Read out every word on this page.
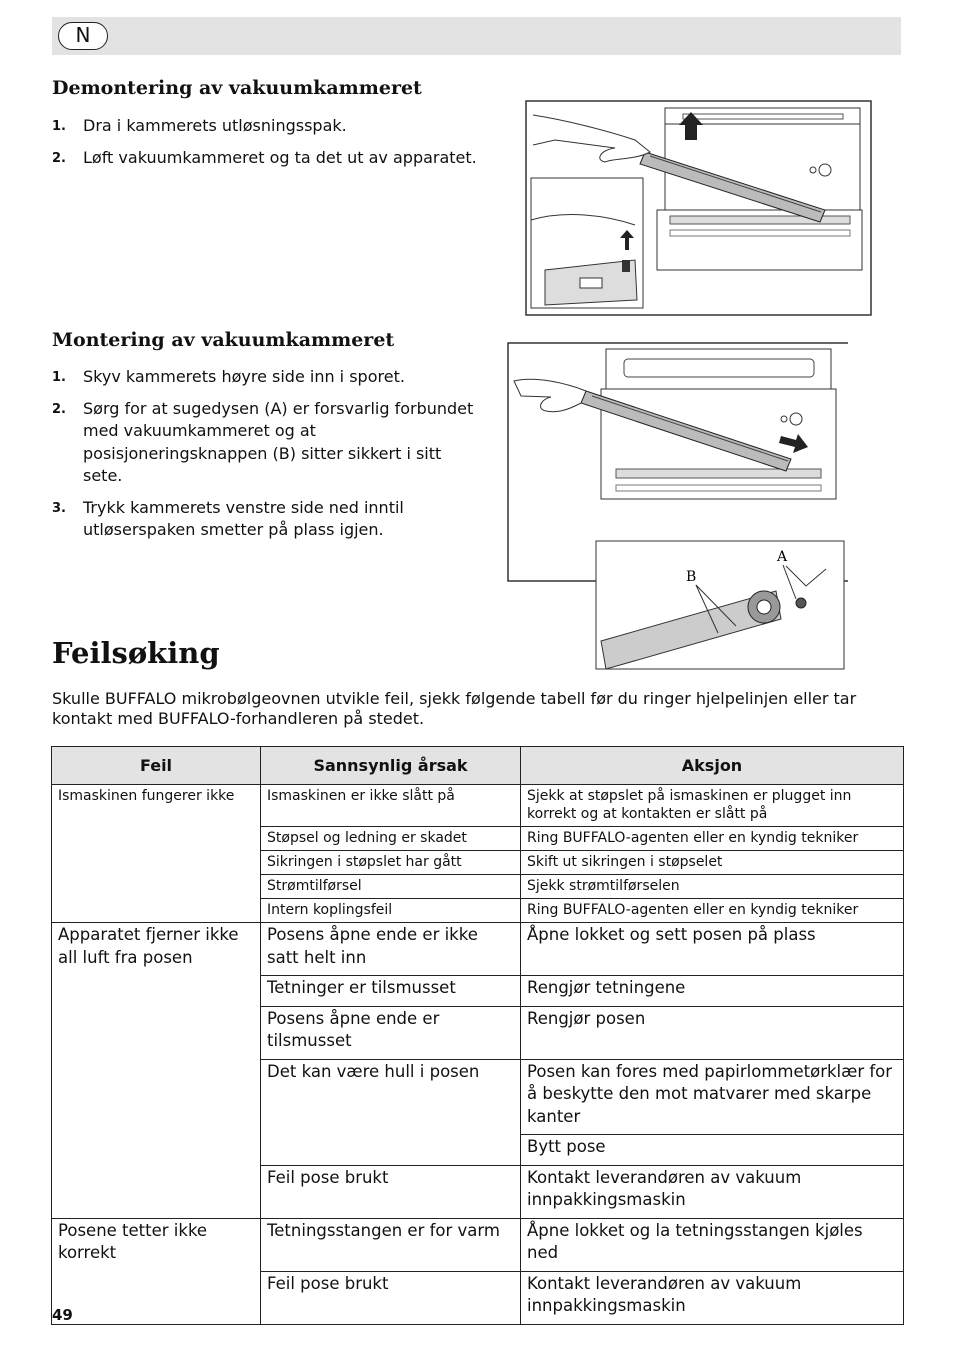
N
Demontering av vakuumkammeret
1. Dra i kammerets utløsningsspak.
2. Løft vakuumkammeret og ta det ut av apparatet.
Montering av vakuumkammeret
1. Skyv kammerets høyre side inn i sporet.
2. Sørg for at sugedysen (A) er forsvarlig forbundet med vakuumkammeret og at posisjoneringsknappen (B) sitter sikkert i sitt sete.
3. Trykk kammerets venstre side ned inntil utløserspaken smetter på plass igjen.
B
A
Feilsøking

Skulle BUFFALO mikrobølgeovnen utvikle feil, sjekk følgende tabell før du ringer hjelpelinjen eller tar kontakt med BUFFALO-forhandleren på stedet.

Feil	Sannsynlig årsak	Aksjon
Ismaskinen fungerer ikke	Ismaskinen er ikke slått på	Sjekk at støpslet på ismaskinen er plugget inn korrekt og at kontakten er slått på
	Støpsel og ledning er skadet	Ring BUFFALO-agenten eller en kyndig tekniker
	Sikringen i støpslet har gått	Skift ut sikringen i støpselet
	Strømtilførsel	Sjekk strømtilførselen
	Intern koplingsfeil	Ring BUFFALO-agenten eller en kyndig tekniker
Apparatet fjerner ikke all luft fra posen	Posens åpne ende er ikke satt helt inn	Åpne lokket og sett posen på plass
	Tetninger er tilsmusset	Rengjør tetningene
	Posens åpne ende er tilsmusset	Rengjør posen
	Det kan være hull i posen	Posen kan fores med papirlommetørklær for å beskytte den mot matvarer med skarpe kanter
		Bytt pose
	Feil pose brukt	Kontakt leverandøren av vakuum innpakkingsmaskin
Posene tetter ikke korrekt	Tetningsstangen er for varm	Åpne lokket og la tetningsstangen kjøles ned
	Feil pose brukt	Kontakt leverandøren av vakuum innpakkingsmaskin
49
